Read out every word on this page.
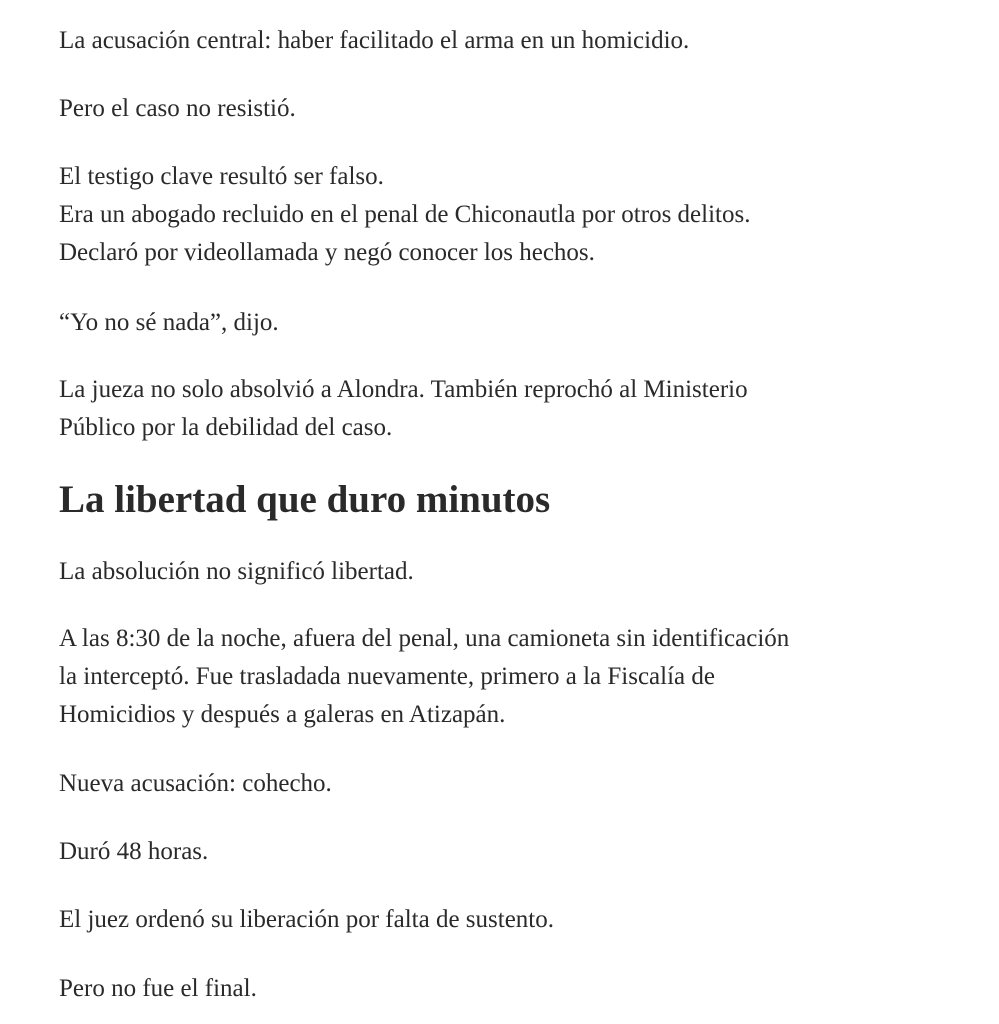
La acusación central: haber facilitado el arma en un homicidio.

Pero el caso no resistió.

El testigo clave resultó ser falso.
Era un abogado recluido en el penal de Chiconautla por otros delitos.
Declaró por videollamada y negó conocer los hechos.

“Yo no sé nada”, dijo.

La jueza no solo absolvió a Alondra. También reprochó al Ministerio
Público por la debilidad del caso.

La libertad que duro minutos

La absolución no significó libertad.

A las 8:30 de la noche, afuera del penal, una camioneta sin identificación
la interceptó. Fue trasladada nuevamente, primero a la Fiscalía de
Homicidios y después a galeras en Atizapán.

Nueva acusación: cohecho.

Duró 48 horas.

El juez ordenó su liberación por falta de sustento.

Pero no fue el final.
